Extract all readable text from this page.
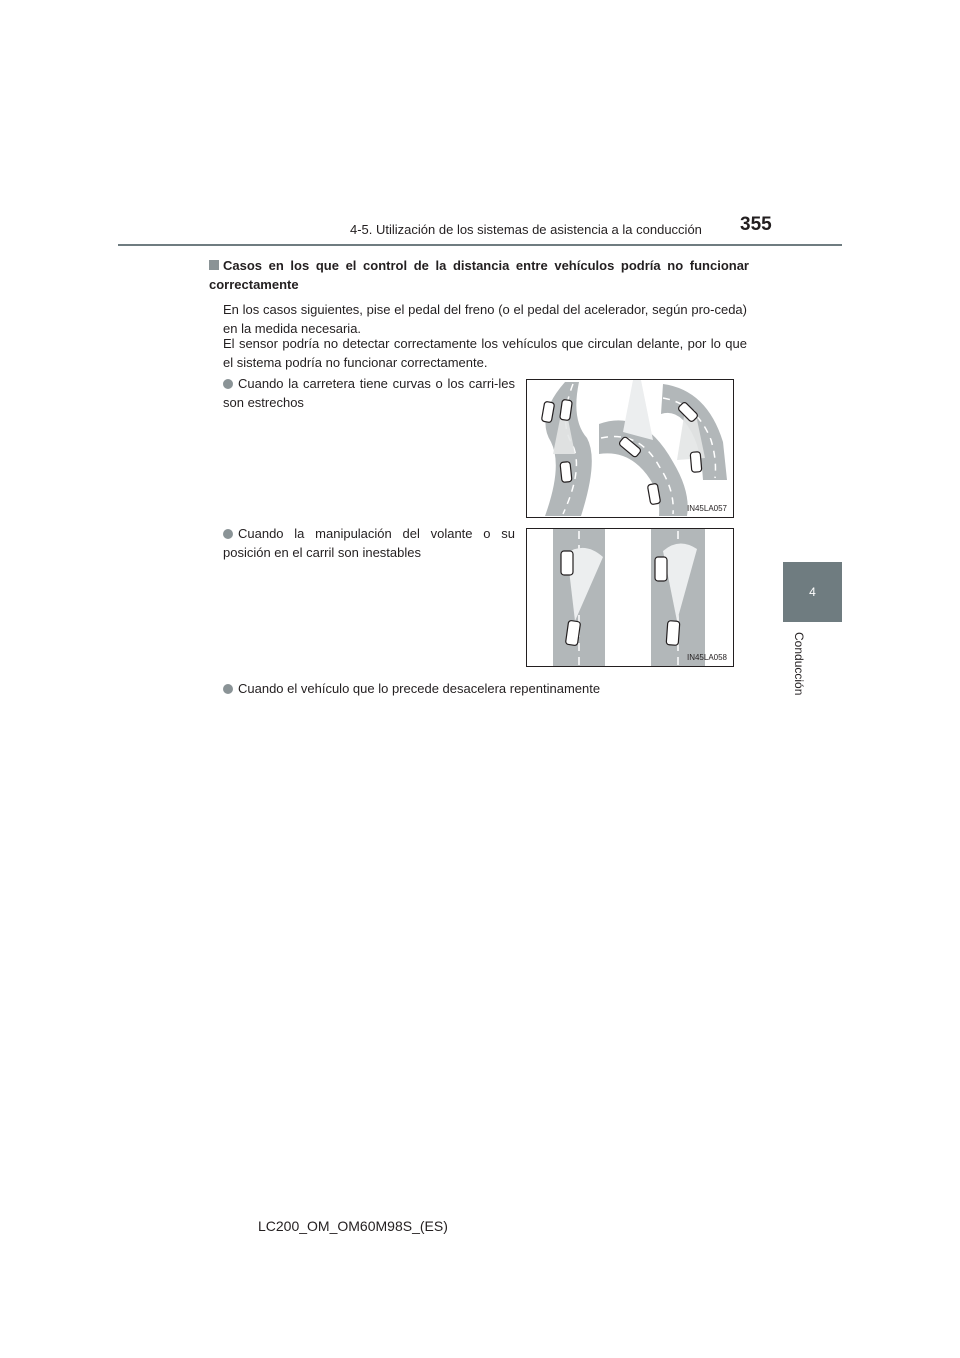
4-5. Utilización de los sistemas de asistencia a la conducción 355
4
Conducción
Casos en los que el control de la distancia entre vehículos podría no funcionar correctamente
En los casos siguientes, pise el pedal del freno (o el pedal del acelerador, según pro-ceda) en la medida necesaria.
El sensor podría no detectar correctamente los vehículos que circulan delante, por lo que el sistema podría no funcionar correctamente.
Cuando la carretera tiene curvas o los carri-les son estrechos
IN45LA057
Cuando la manipulación del volante o su posición en el carril son inestables
IN45LA058
Cuando el vehículo que lo precede desacelera repentinamente
LC200_OM_OM60M98S_(ES)
